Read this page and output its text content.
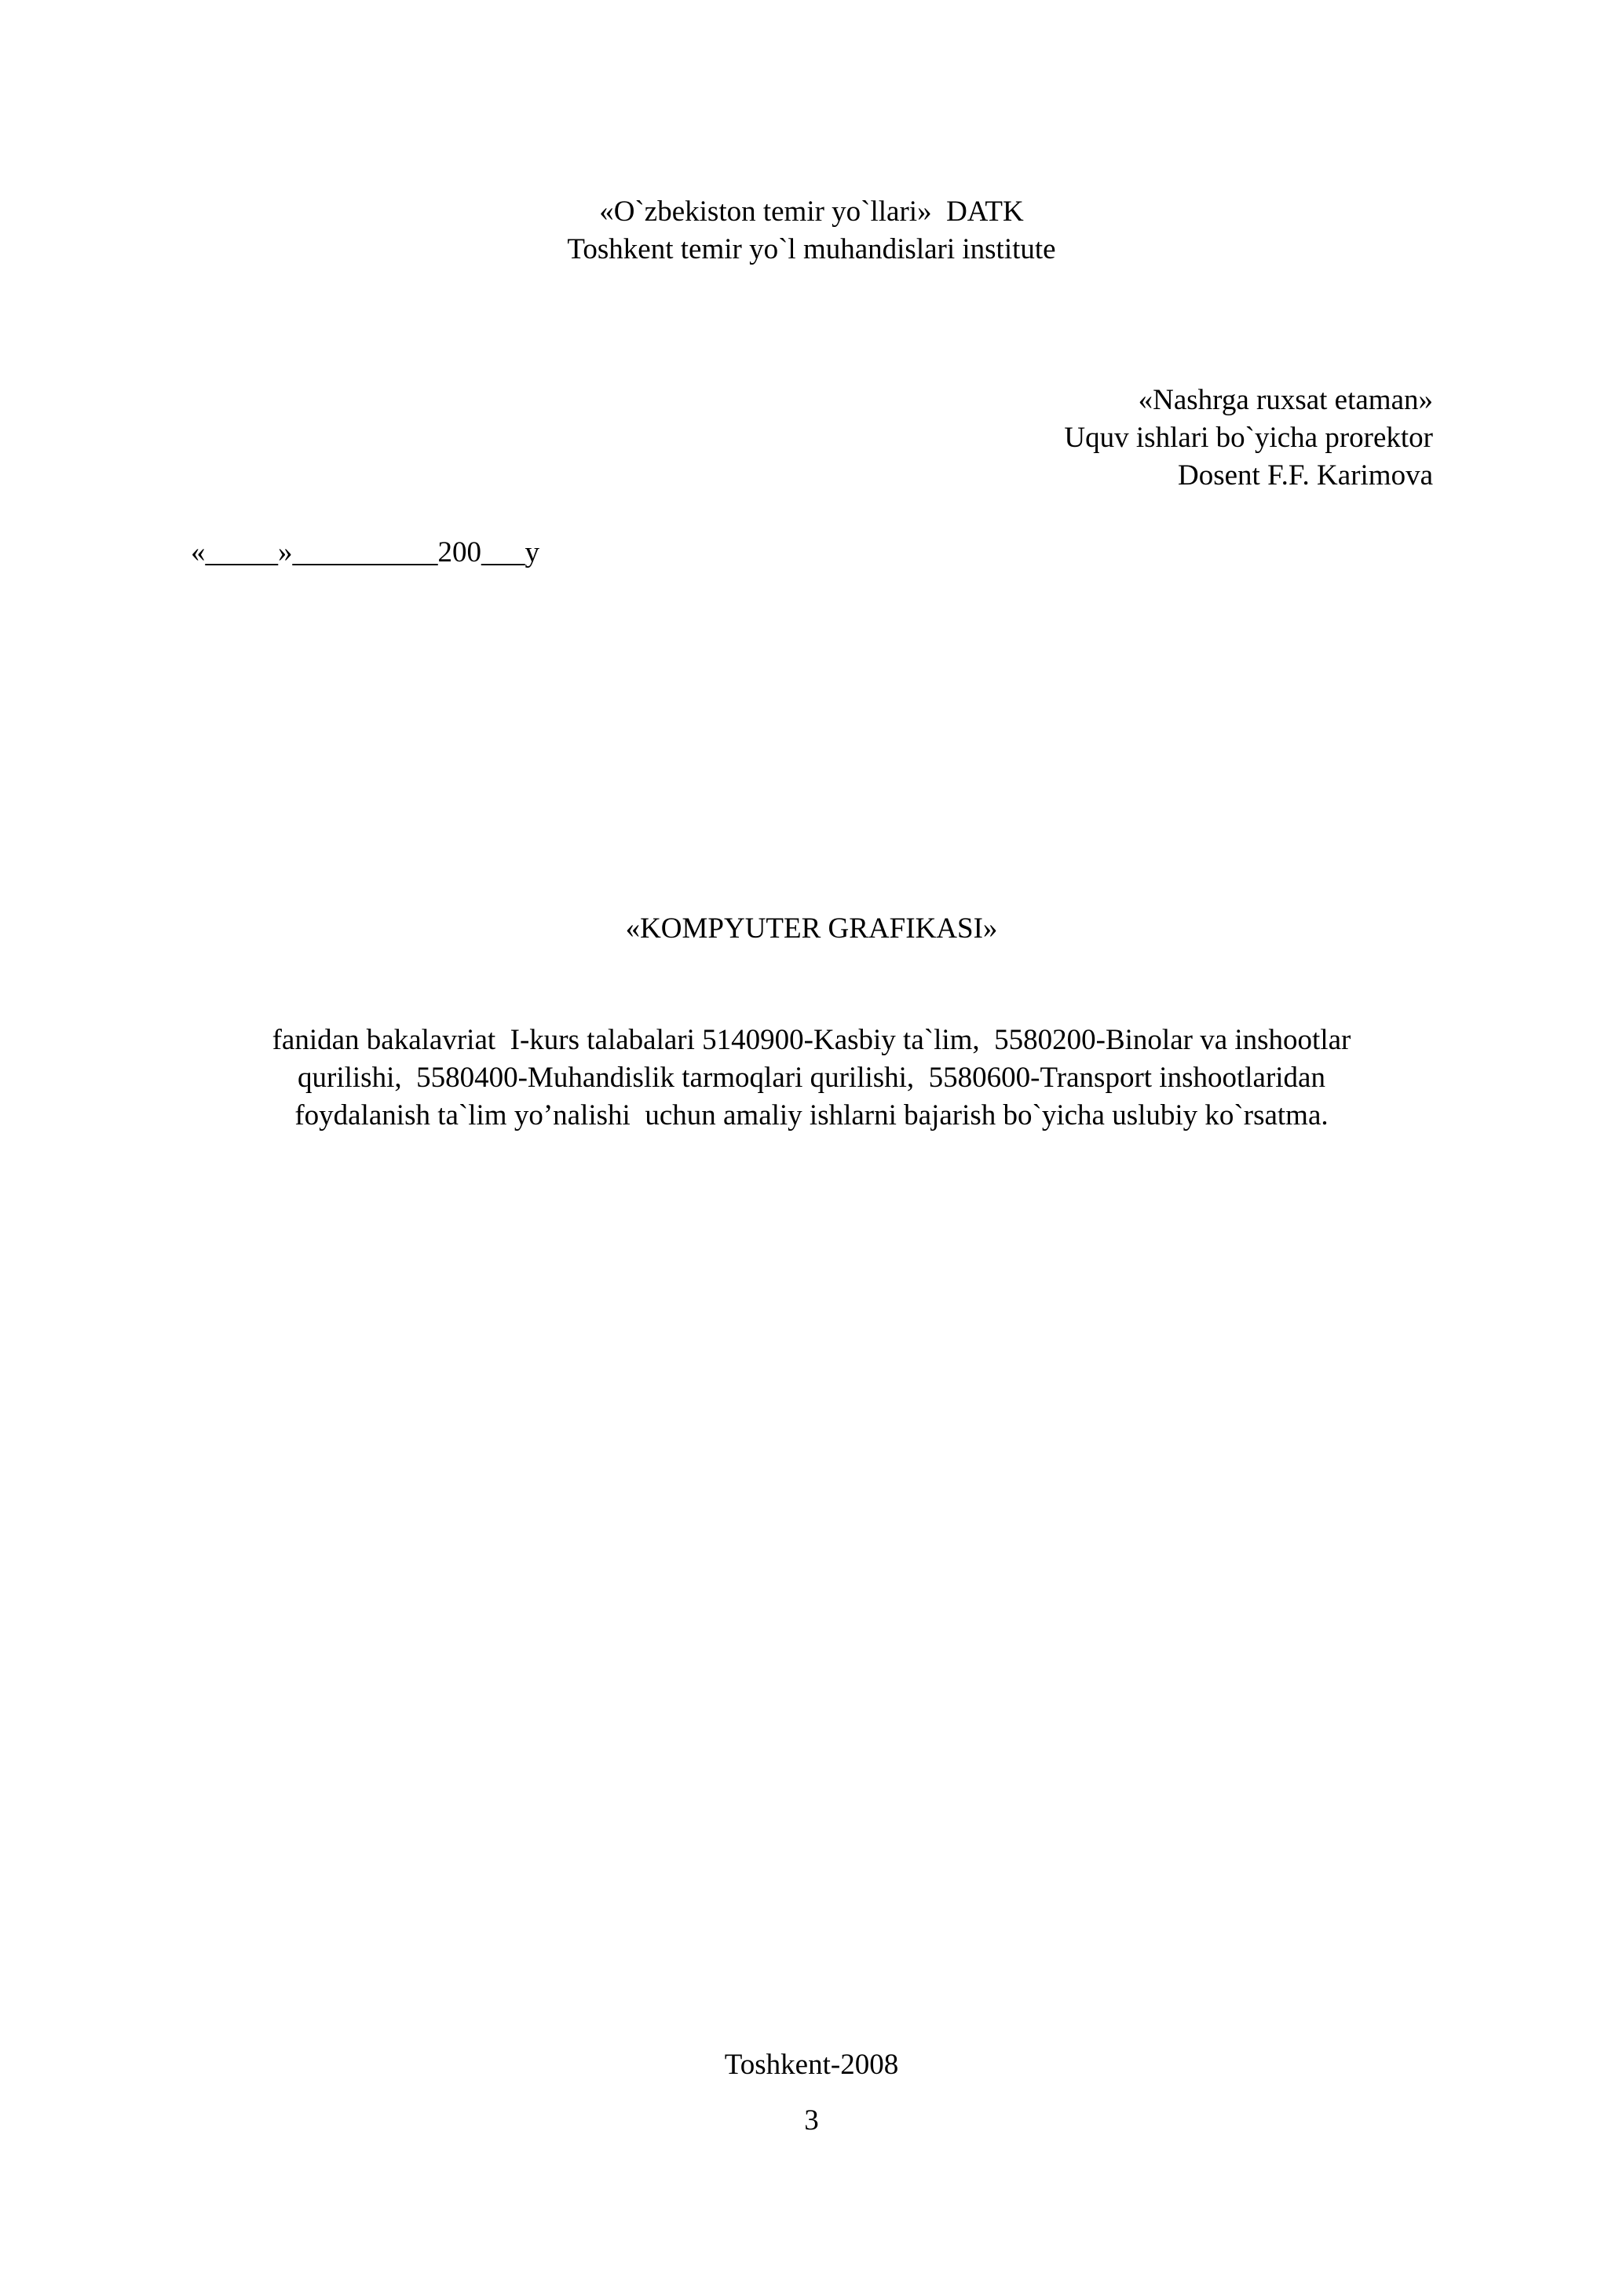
«O`zbekiston temir yo`llari»  DATK
Toshkent temir yo`l muhandislari institute
«Nashrga ruxsat etaman»
Uquv ishlari bo`yicha prorektor
Dosent F.F. Karimova
«_____»__________200___y
«KOMPYUTER GRAFIKASI»
fanidan bakalavriat  I-kurs talabalari 5140900-Kasbiy ta`lim,  5580200-Binolar va inshootlar
qurilishi,  5580400-Muhandislik tarmoqlari qurilishi,  5580600-Transport inshootlaridan
foydalanish ta`lim yo’nalishi  uchun amaliy ishlarni bajarish bo`yicha uslubiy ko`rsatma.
Toshkent-2008
3
